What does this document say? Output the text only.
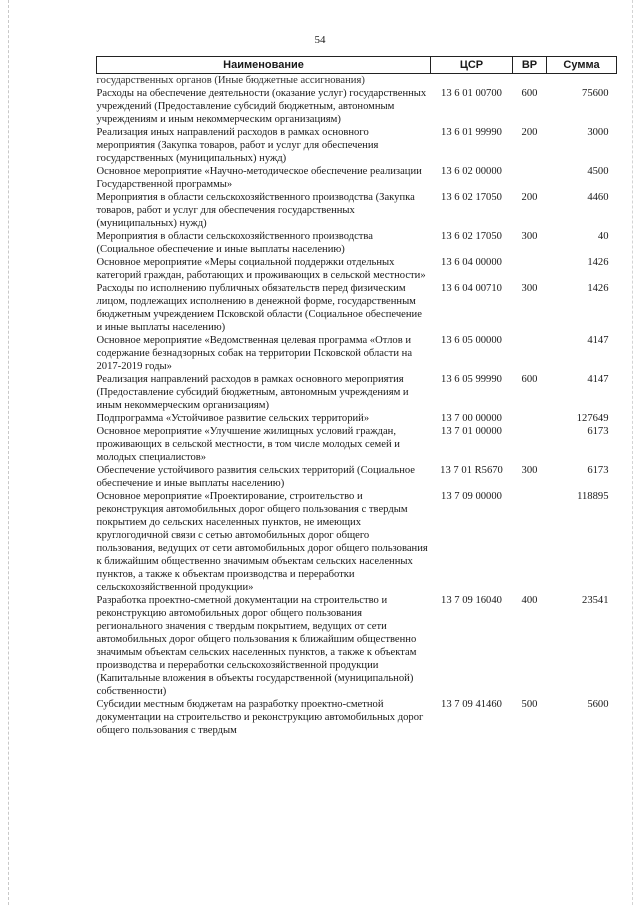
54
Наименование	ЦСР	ВР	Сумма
государственных органов (Иные бюджетные ассигнования)			
Расходы на обеспечение деятельности (оказание услуг) государственных учреждений (Предоставление субсидий бюджетным, автономным учреждениям и иным некоммерческим организациям)	13 6 01 00700	600	75600
Реализация иных направлений расходов в рамках основного мероприятия (Закупка товаров, работ и услуг для обеспечения государственных (муниципальных) нужд)	13 6 01 99990	200	3000
Основное мероприятие «Научно-методическое обеспечение реализации Государственной программы»	13 6 02 00000		4500
Мероприятия в области сельскохозяйственного производства (Закупка товаров, работ и услуг для обеспечения государственных (муниципальных) нужд)	13 6 02 17050	200	4460
Мероприятия в области сельскохозяйственного производства (Социальное обеспечение и иные выплаты населению)	13 6 02 17050	300	40
Основное мероприятие «Меры социальной поддержки отдельных категорий граждан, работающих и проживающих в сельской местности»	13 6 04 00000		1426
Расходы по исполнению публичных обязательств перед физическим лицом, подлежащих исполнению в денежной форме, государственным бюджетным учреждением Псковской области (Социальное обеспечение и иные выплаты населению)	13 6 04 00710	300	1426
Основное мероприятие «Ведомственная целевая программа «Отлов и содержание безнадзорных собак на территории Псковской области на 2017-2019 годы»	13 6 05 00000		4147
Реализация направлений расходов в рамках основного мероприятия (Предоставление субсидий бюджетным, автономным учреждениям и иным некоммерческим организациям)	13 6 05 99990	600	4147
Подпрограмма «Устойчивое развитие сельских территорий»	13 7 00 00000		127649
Основное мероприятие «Улучшение жилищных условий граждан, проживающих в сельской местности, в том числе молодых семей и молодых специалистов»	13 7 01 00000		6173
Обеспечение устойчивого развития сельских территорий (Социальное обеспечение и иные выплаты населению)	13 7 01 R5670	300	6173
Основное мероприятие «Проектирование, строительство и реконструкция автомобильных дорог общего пользования с твердым покрытием до сельских населенных пунктов, не имеющих круглогодичной связи с сетью автомобильных дорог общего пользования, ведущих от сети автомобильных дорог общего пользования к ближайшим общественно значимым объектам сельских населенных пунктов, а также к объектам производства и переработки сельскохозяйственной продукции»	13 7 09 00000		118895
Разработка проектно-сметной документации на строительство и реконструкцию автомобильных дорог общего пользования регионального значения с твердым покрытием, ведущих от сети автомобильных дорог общего пользования к ближайшим общественно значимым объектам сельских населенных пунктов, а также к объектам производства и переработки сельскохозяйственной продукции (Капитальные вложения в объекты государственной (муниципальной) собственности)	13 7 09 16040	400	23541
Субсидии местным бюджетам на разработку проектно-сметной документации на строительство и реконструкцию автомобильных дорог общего пользования с твердым	13 7 09 41460	500	5600
